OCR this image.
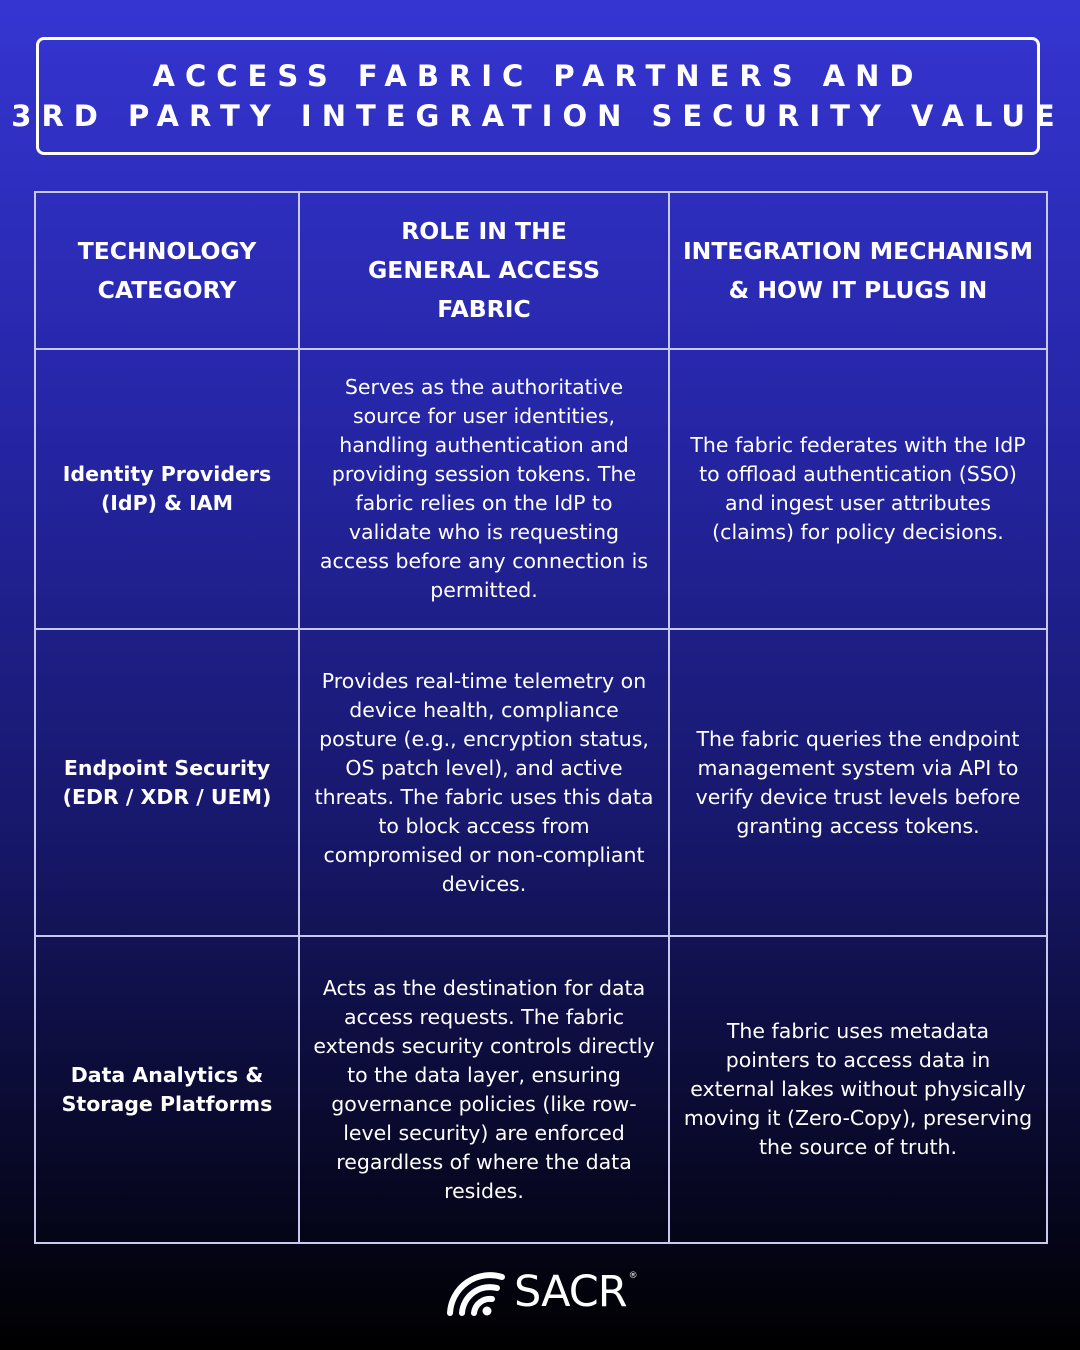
ACCESS FABRIC PARTNERS AND
3RD PARTY INTEGRATION SECURITY VALUE
TECHNOLOGY CATEGORY	ROLE IN THE GENERAL ACCESS FABRIC	INTEGRATION MECHANISM & HOW IT PLUGS IN
Identity Providers (IdP) & IAM	Serves as the authoritative source for user identities, handling authentication and providing session tokens. The fabric relies on the IdP to validate who is requesting access before any connection is permitted.	The fabric federates with the IdP to offload authentication (SSO) and ingest user attributes (claims) for policy decisions.
Endpoint Security (EDR / XDR / UEM)	Provides real-time telemetry on device health, compliance posture (e.g., encryption status, OS patch level), and active threats. The fabric uses this data to block access from compromised or non-compliant devices.	The fabric queries the endpoint management system via API to verify device trust levels before granting access tokens.
Data Analytics & Storage Platforms	Acts as the destination for data access requests. The fabric extends security controls directly to the data layer, ensuring governance policies (like row-level security) are enforced regardless of where the data resides.	The fabric uses metadata pointers to access data in external lakes without physically moving it (Zero-Copy), preserving the source of truth.
SACR ®
